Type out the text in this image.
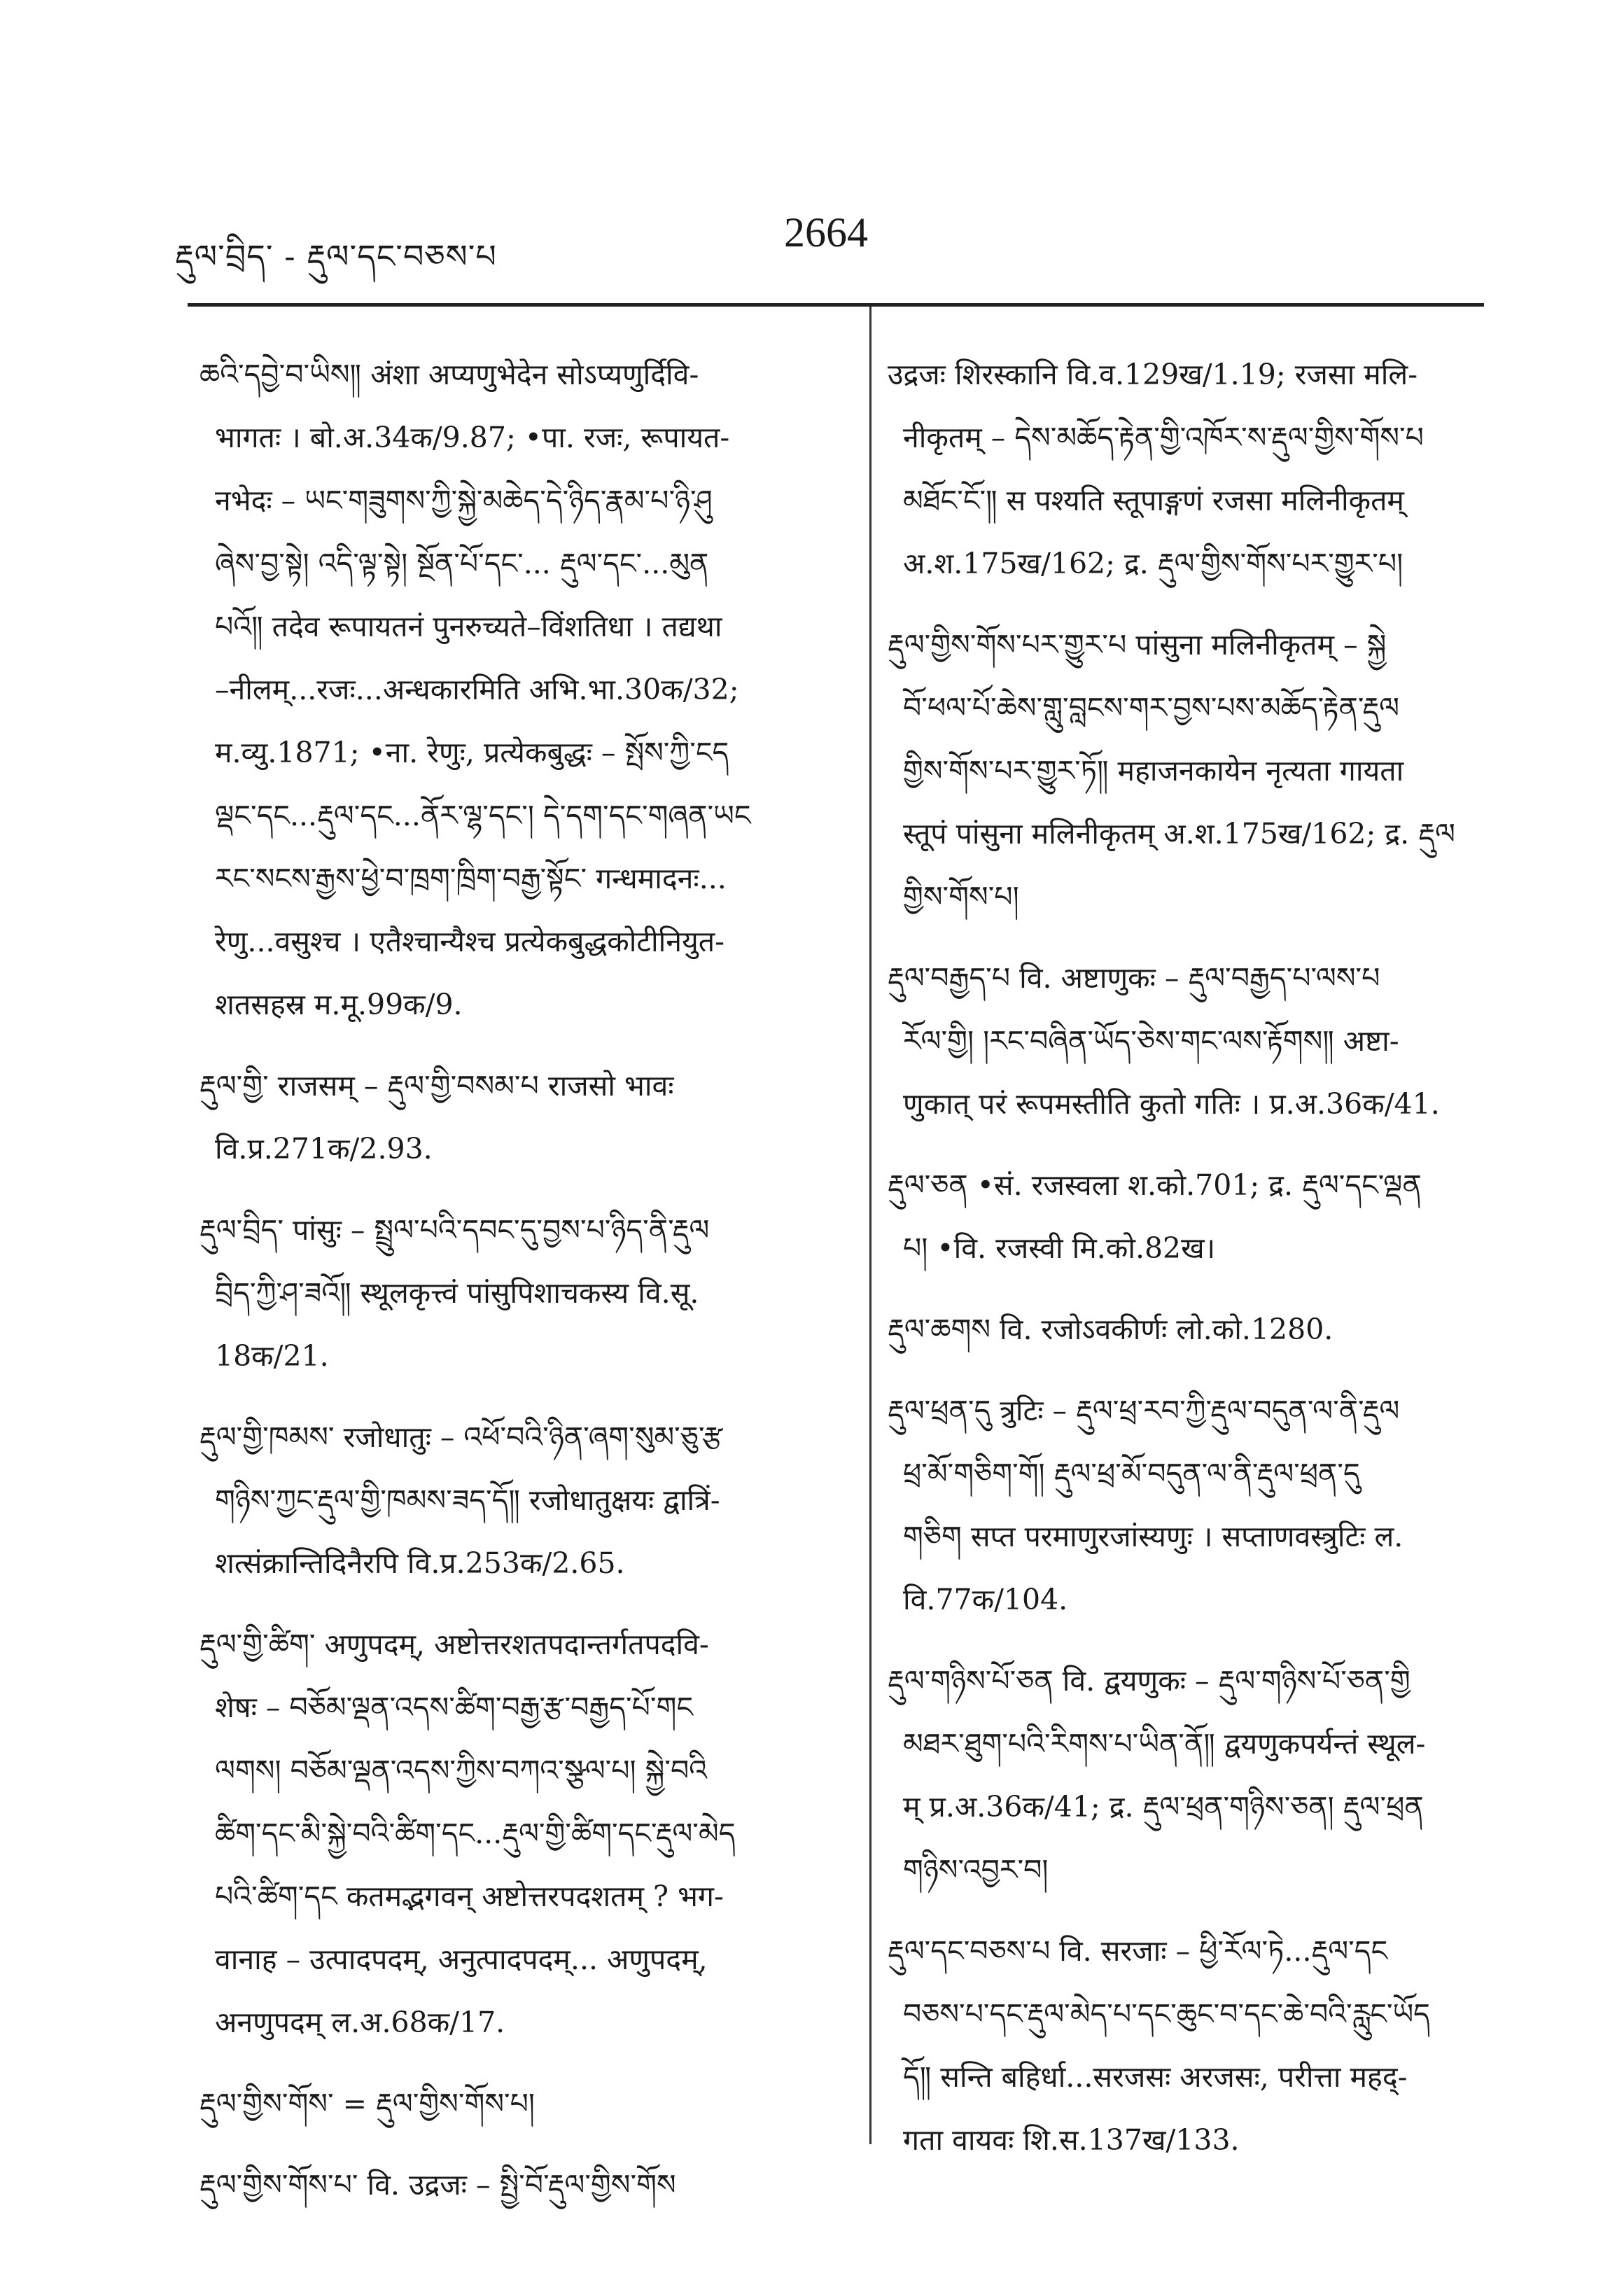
རྡུལ་བྲིད་ - རྡུལ་དང་བཅས་པ
2664
ཆའི་དབྱེ་བ་ཡིས༎ अंशा अप्यणुभेदेन सोऽप्यणुर्दिवि-
भागतः । बो.अ.34क/9.87; •पा. रजः, रूपायत-
नभेदः – ཡང་གཟུགས་ཀྱི་སྐྱེ་མཆེད་དེ་ཉིད་རྣམ་པ་ཉི་ཤུ
ཞེས་བྱ་སྟེ། འདི་ལྟ་སྟེ། སྔོན་པོ་དང་... རྡུལ་དང་...མུན
པའོ༎ तदेव रूपायतनं पुनरुच्यते–विंशतिधा । तद्यथा
–नीलम्...रजः...अन्धकारमिति अभि.भा.30क/32;
म.व्यु.1871; •ना. रेणुः, प्रत्येकबुद्धः – སྤོས་ཀྱི་ངད
ལྡང་དང...རྡུལ་དང...ནོར་ལྷ་དང་། དེ་དག་དང་གཞན་ཡང
རང་སངས་རྒྱས་ཕྱེ་བ་ཁྲག་ཁྲིག་བརྒྱ་སྟོང་ गन्धमादनः...
रेणु...वसुश्च । एतैश्चान्यैश्च प्रत्येकबुद्धकोटीनियुत-
शतसहस्र म.मू.99क/9.
རྡུལ་གྱི་ राजसम् – རྡུལ་གྱི་བསམ་པ राजसो भावः
वि.प्र.271क/2.93.
རྡུལ་བྲིད་ पांसुः – སྤྲུལ་པའི་དབང་དུ་བྱས་པ་ཉིད་ནི་རྡུལ
བྲིད་ཀྱི་ཤ་ཟའོ༎ स्थूलकृत्त्वं पांसुपिशाचकस्य वि.सू.
18क/21.
རྡུལ་གྱི་ཁམས་ रजोधातुः – འཕོ་བའི་ཉིན་ཞག་སུམ་ཅུ་རྩ
གཉིས་ཀྱང་རྡུལ་གྱི་ཁམས་ཟད་དོ༎ रजोधातुक्षयः द्वात्रिं-
शत्संक्रान्तिदिनैरपि वि.प्र.253क/2.65.
རྡུལ་གྱི་ཚིག་ अणुपदम्, अष्टोत्तरशतपदान्तर्गतपदवि-
शेषः – བཅོམ་ལྡན་འདས་ཚིག་བརྒྱ་རྩ་བརྒྱད་པོ་གང
ལགས། བཅོམ་ལྡན་འདས་ཀྱིས་བཀའ་སྩལ་པ། སྐྱེ་བའི
ཚིག་དང་མི་སྐྱེ་བའི་ཚིག་དང...རྡུལ་གྱི་ཚིག་དང་རྡུལ་མེད
པའི་ཚིག་དང कतमद्भगवन् अष्टोत्तरपदशतम् ? भग-
वानाह – उत्पादपदम्, अनुत्पादपदम्... अणुपदम्,
अनणुपदम् ल.अ.68क/17.
རྡུལ་གྱིས་གོས་ = རྡུལ་གྱིས་གོས་པ།
རྡུལ་གྱིས་གོས་པ་ वि. उद्रजः – སྤྱི་བོ་རྡུལ་གྱིས་གོས
उद्रजः शिरस्कानि वि.व.129ख/1.19; रजसा मलि-
नीकृतम् – དེས་མཆོད་རྟེན་གྱི་འཁོར་ས་རྡུལ་གྱིས་གོས་པ
མཐོང་ངོ་༎ स पश्यति स्तूपाङ्गणं रजसा मलिनीकृतम्
अ.श.175ख/162; द्र. རྡུལ་གྱིས་གོས་པར་གྱུར་པ།
རྡུལ་གྱིས་གོས་པར་གྱུར་པ पांसुना मलिनीकृतम् – སྐྱེ
བོ་ཕལ་པོ་ཆེས་གླུ་བླངས་གར་བྱས་པས་མཆོད་རྟེན་རྡུལ
གྱིས་གོས་པར་གྱུར་ཏོ༎ महाजनकायेन नृत्यता गायता
स्तूपं पांसुना मलिनीकृतम् अ.श.175ख/162; द्र. རྡུལ
གྱིས་གོས་པ།
རྡུལ་བརྒྱད་པ वि. अष्टाणुकः – རྡུལ་བརྒྱད་པ་ལས་པ
རོལ་གྱི། །རང་བཞིན་ཡོད་ཅེས་གང་ལས་རྟོགས༎ अष्टा-
णुकात् परं रूपमस्तीति कुतो गतिः । प्र.अ.36क/41.
རྡུལ་ཅན •सं. रजस्वला श.को.701; द्र. རྡུལ་དང་ལྡན
པ། •वि. रजस्वी मि.को.82ख।
རྡུལ་ཆགས वि. रजोऽवकीर्णः लो.को.1280.
རྡུལ་ཕྲན་དུ त्रुटिः – རྡུལ་ཕྲ་རབ་ཀྱི་རྡུལ་བདུན་ལ་ནི་རྡུལ
ཕྲ་མོ་གཅིག་གོ། རྡུལ་ཕྲ་མོ་བདུན་ལ་ནི་རྡུལ་ཕྲན་དུ
གཅིག सप्त परमाणुरजांस्यणुः । सप्ताणवस्त्रुटिः ल.
वि.77क/104.
རྡུལ་གཉིས་པོ་ཅན वि. द्वयणुकः – རྡུལ་གཉིས་པོ་ཅན་གྱི
མཐར་ཐུག་པའི་རིགས་པ་ཡིན་ནོ༎ द्वयणुकपर्यन्तं स्थूल-
म् प्र.अ.36क/41; द्र. རྡུལ་ཕྲན་གཉིས་ཅན། རྡུལ་ཕྲན
གཉིས་འབྱར་བ།
རྡུལ་དང་བཅས་པ वि. सरजाः – ཕྱི་རོལ་ཏེ...རྡུལ་དང
བཅས་པ་དང་རྡུལ་མེད་པ་དང་ཆུང་བ་དང་ཆེ་བའི་རླུང་ཡོད
དོ༎ सन्ति बहिर्धा...सरजसः अरजसः, परीत्ता महद्-
गता वायवः शि.स.137ख/133.
